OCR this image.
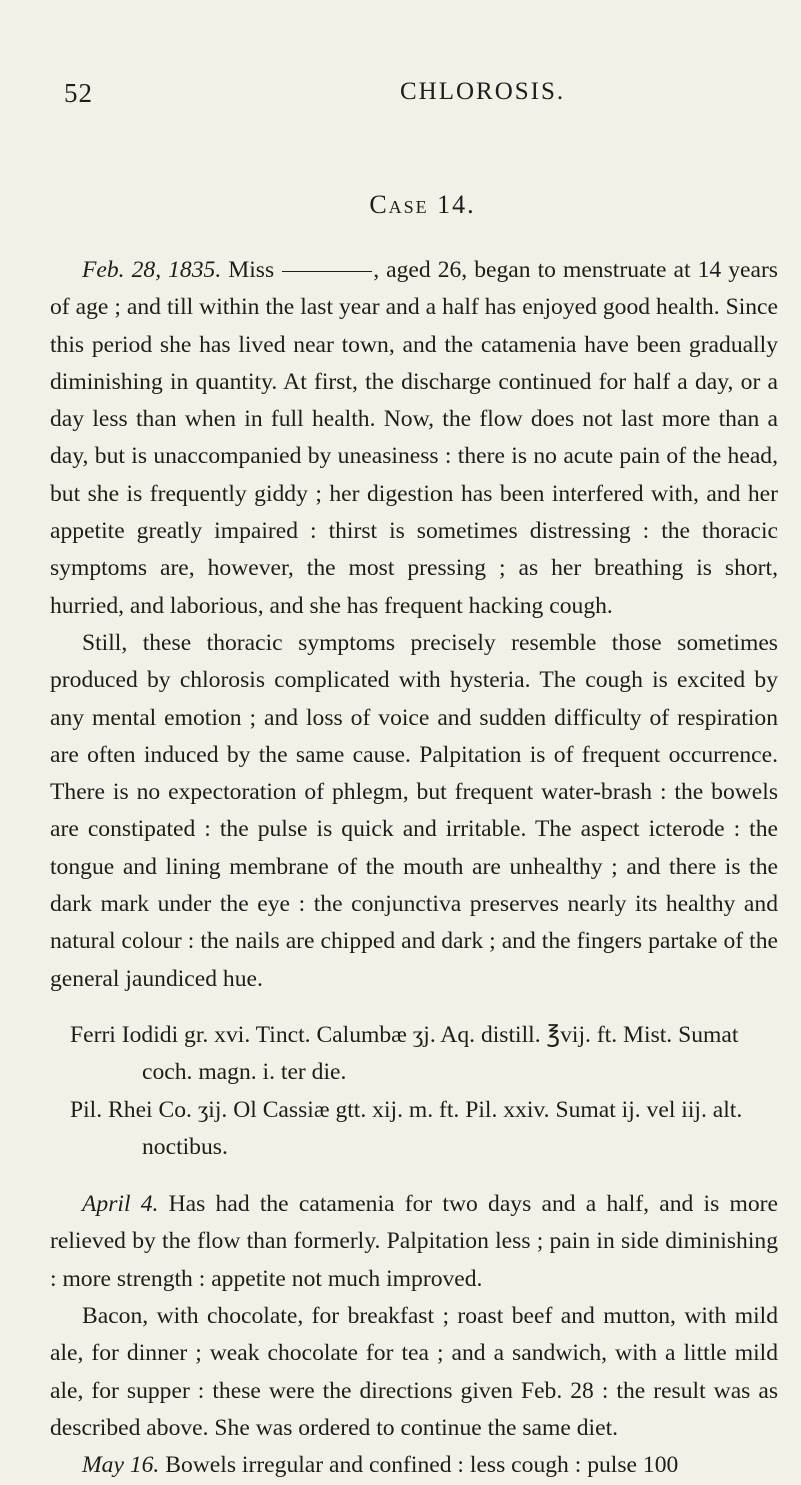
52	CHLOROSIS.
Case 14.

Feb. 28, 1835. Miss	, aged 26, began to menstruate at 14 years of age ; and till within the last year and a half has enjoyed good health. Since this period she has lived near town, and the catamenia have been gradually diminishing in quantity. At first, the discharge continued for half a day, or a day less than when in full health. Now, the flow does not last more than a day, but is unaccompanied by uneasiness : there is no acute pain of the head, but she is frequently giddy ; her digestion has been interfered with, and her appetite greatly impaired : thirst is sometimes distressing : the thoracic symptoms are, however, the most pressing ; as her breathing is short, hurried, and laborious, and she has frequent hacking cough.

Still, these thoracic symptoms precisely resemble those sometimes produced by chlorosis complicated with hysteria. The cough is excited by any mental emotion ; and loss of voice and sudden difficulty of respiration are often induced by the same cause. Palpitation is of frequent occurrence. There is no expectoration of phlegm, but frequent water-brash : the bowels are constipated : the pulse is quick and irritable. The aspect icterode : the tongue and lining membrane of the mouth are unhealthy ; and there is the dark mark under the eye : the conjunctiva preserves nearly its healthy and natural colour : the nails are chipped and dark ; and the fingers partake of the general jaundiced hue.

Ferri Iodidi gr. xvi. Tinct. Calumbæ ʒj. Aq. distill. ℥vij. ft. Mist. Sumat coch. magn. i. ter die.

Pil. Rhei Co. ʒij. Ol Cassiæ gtt. xij. m. ft. Pil. xxiv. Sumat ij. vel iij. alt. noctibus.

April 4. Has had the catamenia for two days and a half, and is more relieved by the flow than formerly. Palpitation less ; pain in side diminishing : more strength : appetite not much improved.

Bacon, with chocolate, for breakfast ; roast beef and mutton, with mild ale, for dinner ; weak chocolate for tea ; and a sandwich, with a little mild ale, for supper : these were the directions given Feb. 28 : the result was as described above. She was ordered to continue the same diet.

May 16. Bowels irregular and confined : less cough : pulse 100
